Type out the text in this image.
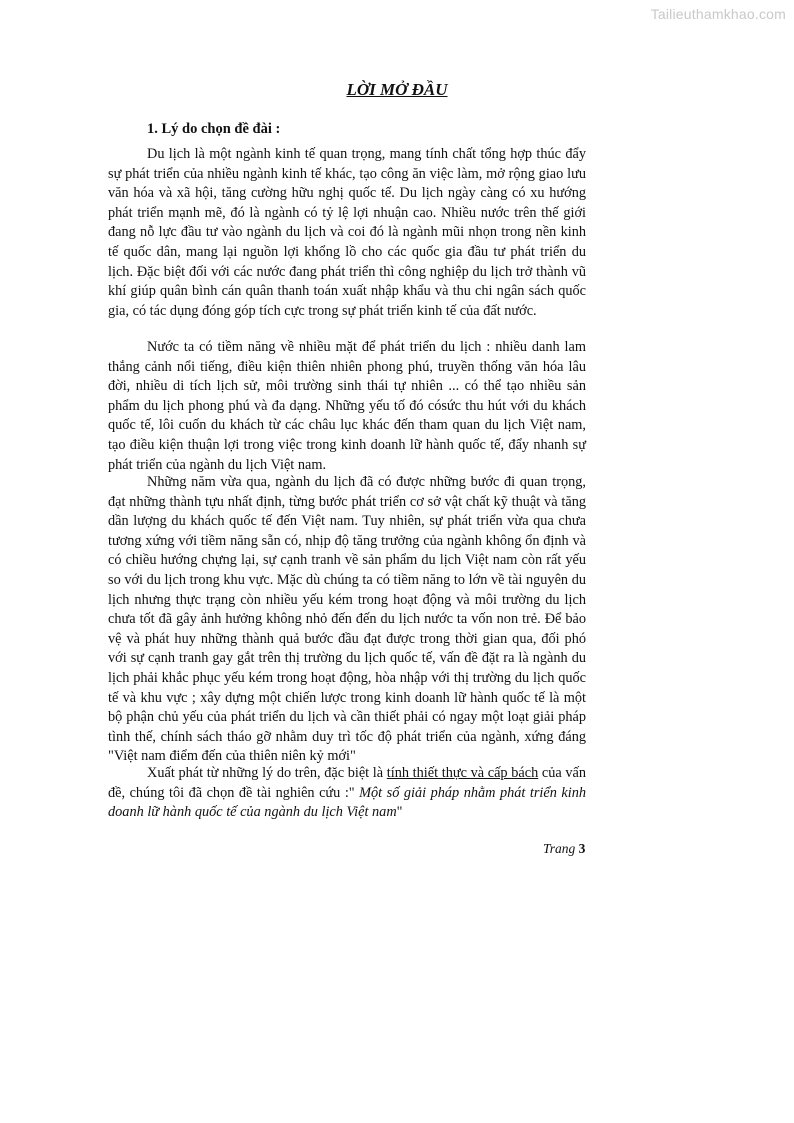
Tailieuthamkhao.com
LỜI MỞ ĐẦU
1. Lý do chọn đề đài :

Du lịch là một ngành kinh tế quan trọng, mang tính chất tổng hợp thúc đẩy sự phát triển của nhiều ngành kinh tế khác, tạo công ăn việc làm, mở rộng giao lưu văn hóa và xã hội, tăng cường hữu nghị quốc tế. Du lịch ngày càng có xu hướng phát triển mạnh mẽ, đó là ngành có tỷ lệ lợi nhuận cao. Nhiều nước trên thế giới đang nỗ lực đầu tư vào ngành du lịch và coi đó là ngành mũi nhọn trong nền kinh tế quốc dân, mang lại nguồn lợi khổng lồ cho các quốc gia đầu tư phát triển du lịch. Đặc biệt đối với các nước đang phát triển thì công nghiệp du lịch trở thành vũ khí giúp quân bình cán quân thanh toán xuất nhập khẩu và thu chi ngân sách quốc gia, có tác dụng đóng góp tích cực trong sự phát triển kinh tế của đất nước.

Nước ta có tiềm năng về nhiều mặt để phát triển du lịch : nhiều danh lam thắng cảnh nổi tiếng, điều kiện thiên nhiên phong phú, truyền thống văn hóa lâu đời, nhiều di tích lịch sử, môi trường sinh thái tự nhiên ... có thể tạo nhiều sản phẩm du lịch phong phú và đa dạng. Những yếu tố đó cósức thu hút với du khách quốc tế, lôi cuốn du khách từ các châu lục khác đến tham quan du lịch Việt nam, tạo điều kiện thuận lợi trong việc trong kinh doanh lữ hành quốc tế, đẩy nhanh sự phát triển của ngành du lịch Việt nam.

Những năm vừa qua, ngành du lịch đã có được những bước đi quan trọng, đạt những thành tựu nhất định, từng bước phát triển cơ sở vật chất kỹ thuật và tăng dần lượng du khách quốc tế đến Việt nam. Tuy nhiên, sự phát triển vừa qua chưa tương xứng với tiềm năng sẵn có, nhịp độ tăng trưởng của ngành không ổn định và có chiều hướng chựng lại, sự cạnh tranh về sản phẩm du lịch Việt nam còn rất yếu so với du lịch trong khu vực. Mặc dù chúng ta có tiềm năng to lớn về tài nguyên du lịch nhưng thực trạng còn nhiều yếu kém trong hoạt động và môi trường du lịch chưa tốt đã gây ảnh hưởng không nhỏ đến đến du lịch nước ta vốn non trẻ. Để bảo vệ và phát huy những thành quả bước đầu đạt được trong thời gian qua, đối phó với sự cạnh tranh gay gắt trên thị trường du lịch quốc tế, vấn đề đặt ra là ngành du lịch phải khắc phục yếu kém trong hoạt động, hòa nhập với thị trường du lịch quốc tế và khu vực ; xây dựng một chiến lược trong kinh doanh lữ hành quốc tế là một bộ phận chủ yếu của phát triển du lịch và cần thiết phải có ngay một loạt giải pháp tình thế, chính sách tháo gỡ nhằm duy trì tốc độ phát triển của ngành, xứng đáng "Việt nam điểm đến của thiên niên kỷ mới"

Xuất phát từ những lý do trên, đặc biệt là tính thiết thực và cấp bách của vấn đề, chúng tôi đã chọn đề tài nghiên cứu :" Một số giải pháp nhằm phát triển kinh doanh lữ hành quốc tế của ngành du lịch Việt nam"

Trang 3
